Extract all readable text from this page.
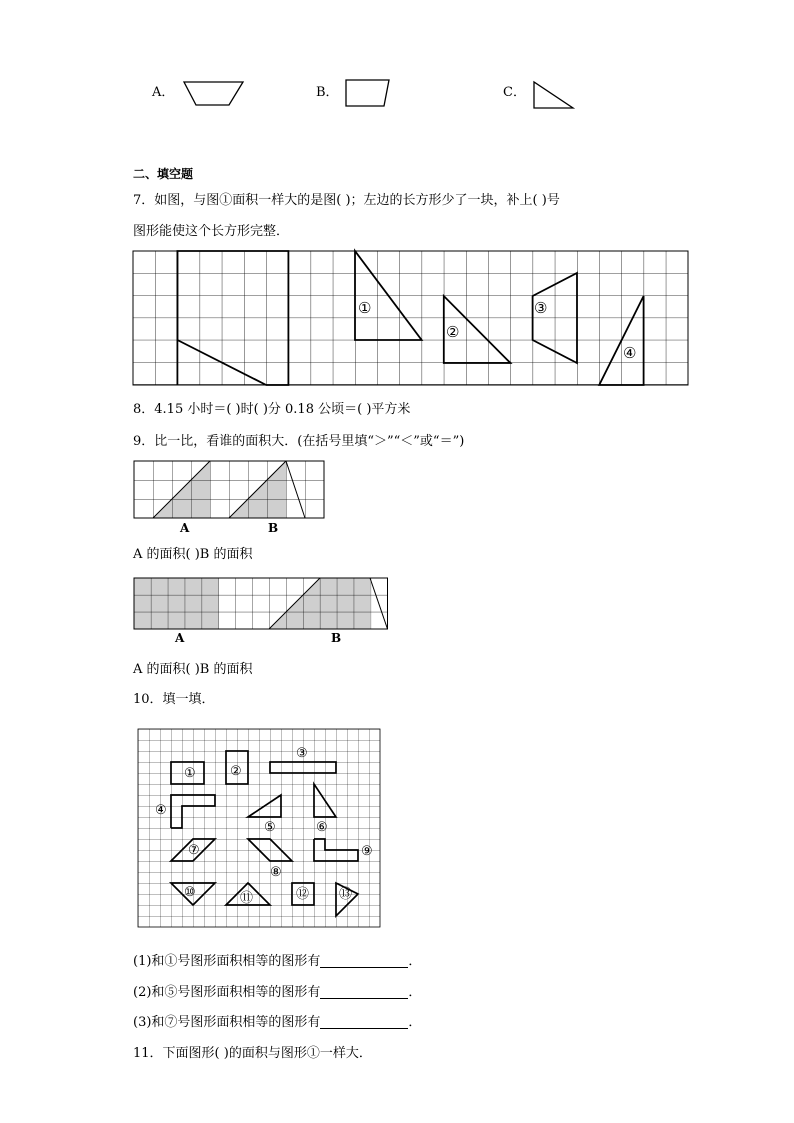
A．	B．	C．
二、填空题
7．如图，与图①面积一样大的是图( )；左边的长方形少了一块，补上( )号
图形能使这个长方形完整．
①
②
③
④
8．4.15 小时＝( )时( )分 0.18 公顷＝( )平方米
9．比一比，看谁的面积大．(在括号里填“＞”“＜”或“＝”)
A	B
A 的面积( )B 的面积
A	B
A 的面积( )B 的面积
10．填一填．
①	②
③
④
⑤	⑥
⑦
⑧
⑨
⑩	⑪	⑫ ⑬
(1)和①号图形面积相等的图形有	．
(2)和⑤号图形面积相等的图形有	．
(3)和⑦号图形面积相等的图形有	．
11．下面图形( )的面积与图形①一样大．
